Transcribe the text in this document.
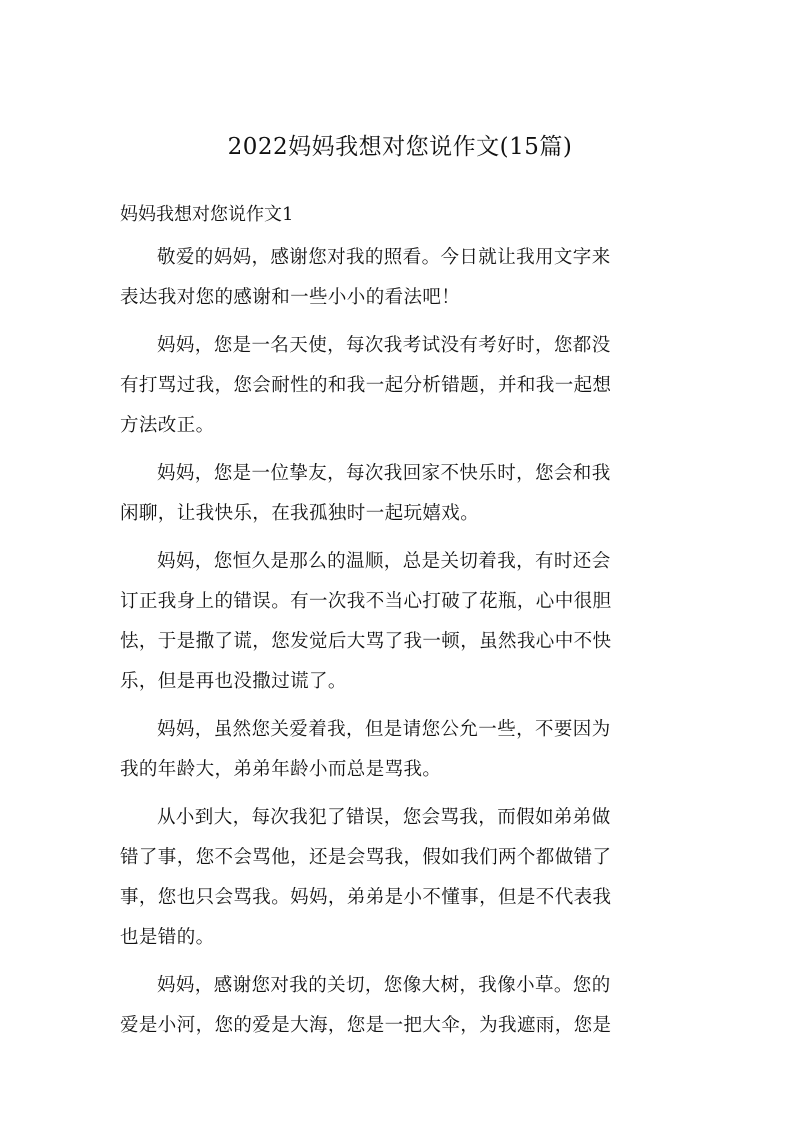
2022妈妈我想对您说作文(15篇)
妈妈我想对您说作文1

敬爱的妈妈，感谢您对我的照看。今日就让我用文字来
表达我对您的感谢和一些小小的看法吧！

妈妈，您是一名天使，每次我考试没有考好时，您都没
有打骂过我，您会耐性的和我一起分析错题，并和我一起想
方法改正。

妈妈，您是一位挚友，每次我回家不快乐时，您会和我
闲聊，让我快乐，在我孤独时一起玩嬉戏。

妈妈，您恒久是那么的温顺，总是关切着我，有时还会
订正我身上的错误。有一次我不当心打破了花瓶，心中很胆
怯，于是撒了谎，您发觉后大骂了我一顿，虽然我心中不快
乐，但是再也没撒过谎了。

妈妈，虽然您关爱着我，但是请您公允一些，不要因为
我的年龄大，弟弟年龄小而总是骂我。

从小到大，每次我犯了错误，您会骂我，而假如弟弟做
错了事，您不会骂他，还是会骂我，假如我们两个都做错了
事，您也只会骂我。妈妈，弟弟是小不懂事，但是不代表我
也是错的。

妈妈，感谢您对我的关切，您像大树，我像小草。您的
爱是小河，您的爱是大海，您是一把大伞，为我遮雨，您是
